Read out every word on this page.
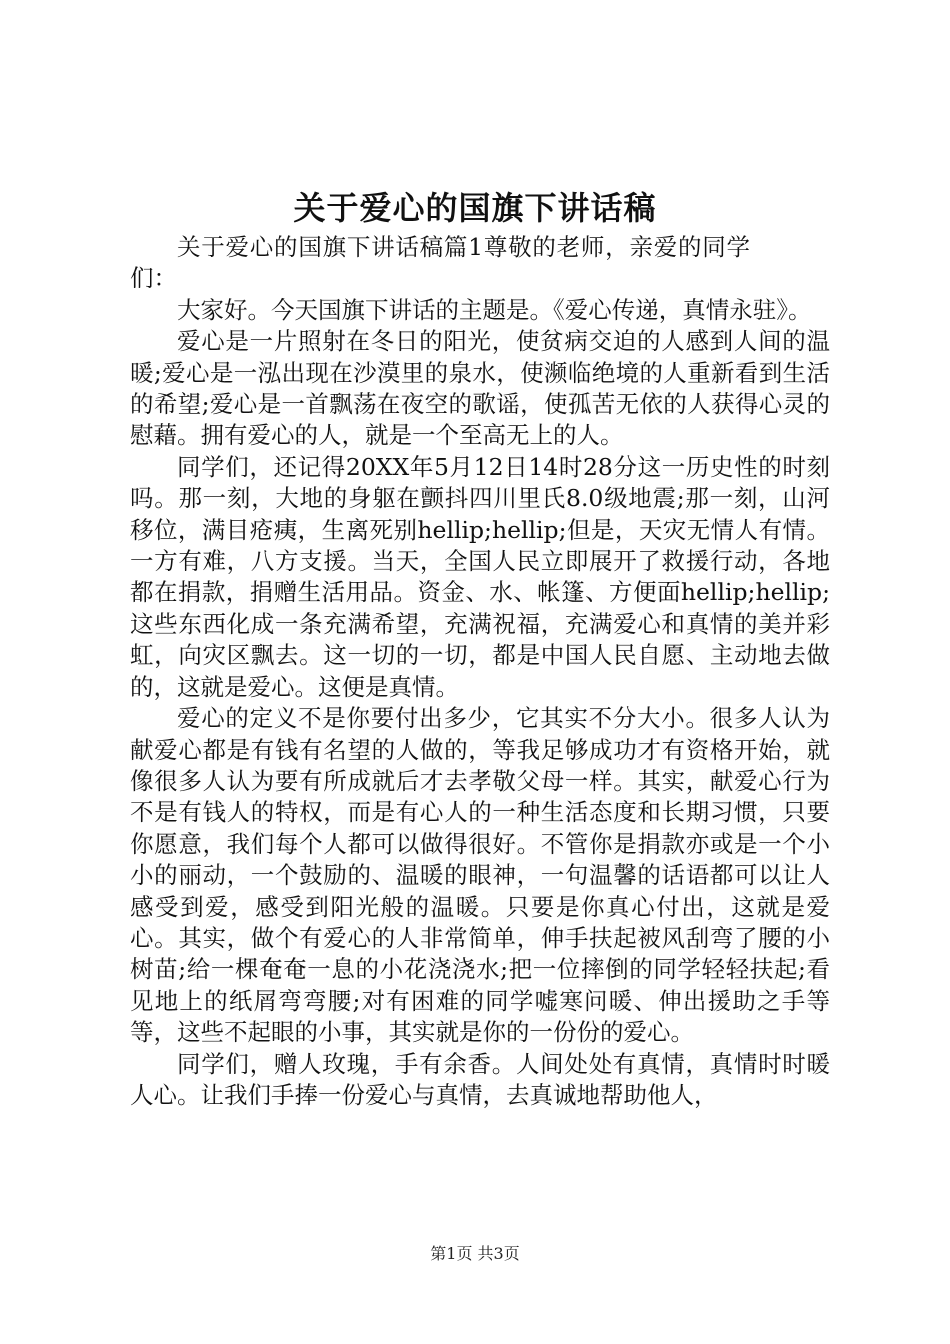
关于爱心的国旗下讲话稿

关于爱心的国旗下讲话稿篇1尊敬的老师，亲爱的同学们：

大家好。今天国旗下讲话的主题是。《爱心传递，真情永驻》。

爱心是一片照射在冬日的阳光，使贫病交迫的人感到人间的温暖;爱心是一泓出现在沙漠里的泉水，使濒临绝境的人重新看到生活的希望;爱心是一首飘荡在夜空的歌谣，使孤苦无依的人获得心灵的慰藉。拥有爱心的人，就是一个至高无上的人。

同学们，还记得20XX年5月12日14时28分这一历史性的时刻吗。那一刻，大地的身躯在颤抖四川里氏8.0级地震;那一刻，山河移位，满目疮痍，生离死别hellip;hellip;但是，天灾无情人有情。一方有难，八方支援。当天，全国人民立即展开了救援行动，各地都在捐款，捐赠生活用品。资金、水、帐篷、方便面hellip;hellip;这些东西化成一条充满希望，充满祝福，充满爱心和真情的美并彩虹，向灾区飘去。这一切的一切，都是中国人民自愿、主动地去做的，这就是爱心。这便是真情。

爱心的定义不是你要付出多少，它其实不分大小。很多人认为献爱心都是有钱有名望的人做的，等我足够成功才有资格开始，就像很多人认为要有所成就后才去孝敬父母一样。其实，献爱心行为不是有钱人的特权，而是有心人的一种生活态度和长期习惯，只要你愿意，我们每个人都可以做得很好。不管你是捐款亦或是一个小小的丽动，一个鼓励的、温暖的眼神，一句温馨的话语都可以让人感受到爱，感受到阳光般的温暖。只要是你真心付出，这就是爱心。其实，做个有爱心的人非常简单，伸手扶起被风刮弯了腰的小树苗;给一棵奄奄一息的小花浇浇水;把一位摔倒的同学轻轻扶起;看见地上的纸屑弯弯腰;对有困难的同学嘘寒问暖、伸出援助之手等等，这些不起眼的小事，其实就是你的一份份的爱心。

同学们，赠人玫瑰，手有余香。人间处处有真情，真情时时暖人心。让我们手捧一份爱心与真情，去真诚地帮助他人，

第1页 共3页
